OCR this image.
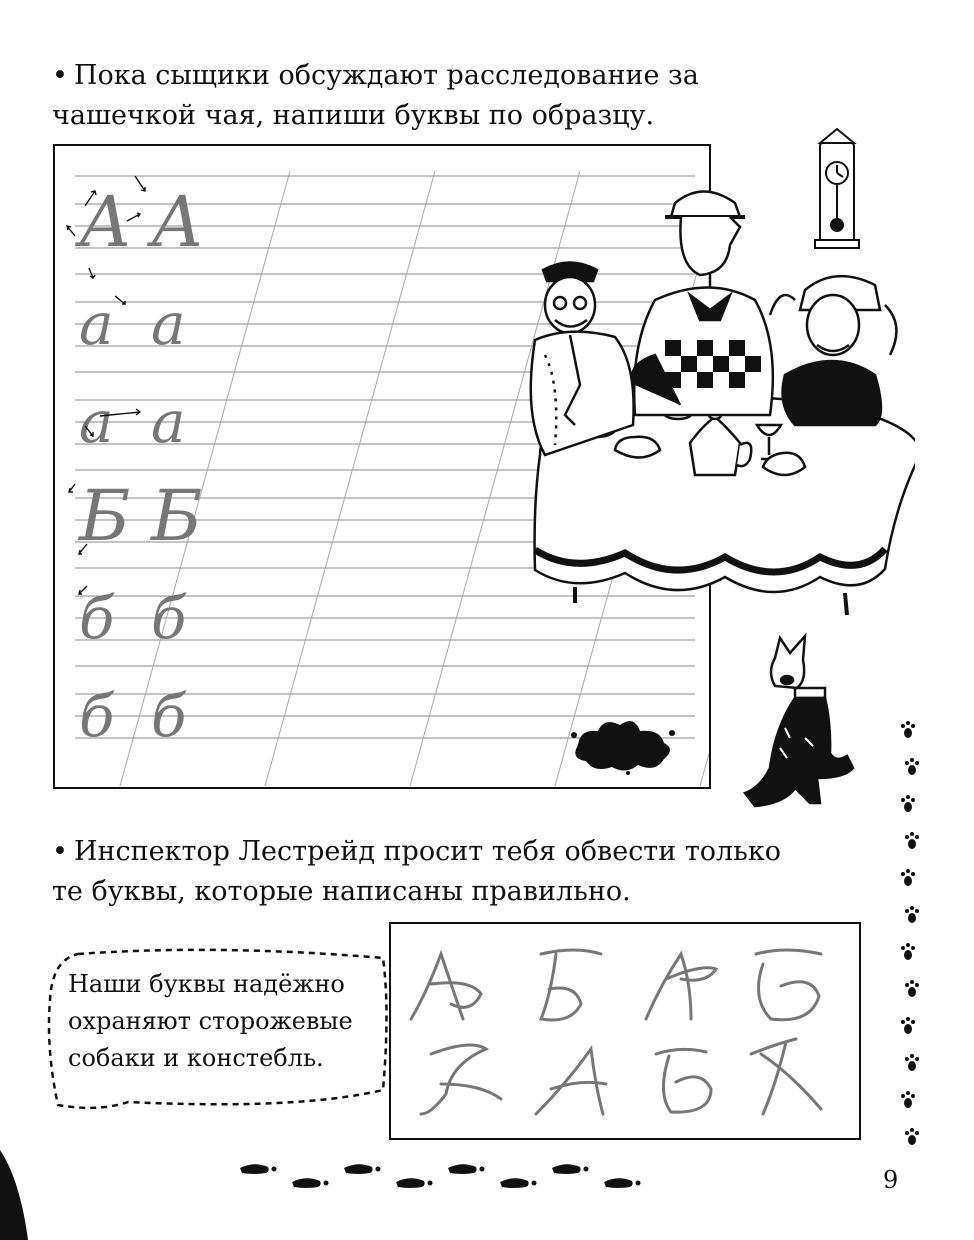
• Пока сыщики обсуждают расследование за чашечкой чая, напиши буквы по образцу.

А А
а а
а а
Б Б
б б
б б

Наши буквы надёжно охраняют сторожевые собаки и констебль.

• Инспектор Лестрейд просит тебя обвести только те буквы, которые написаны правильно.

9
